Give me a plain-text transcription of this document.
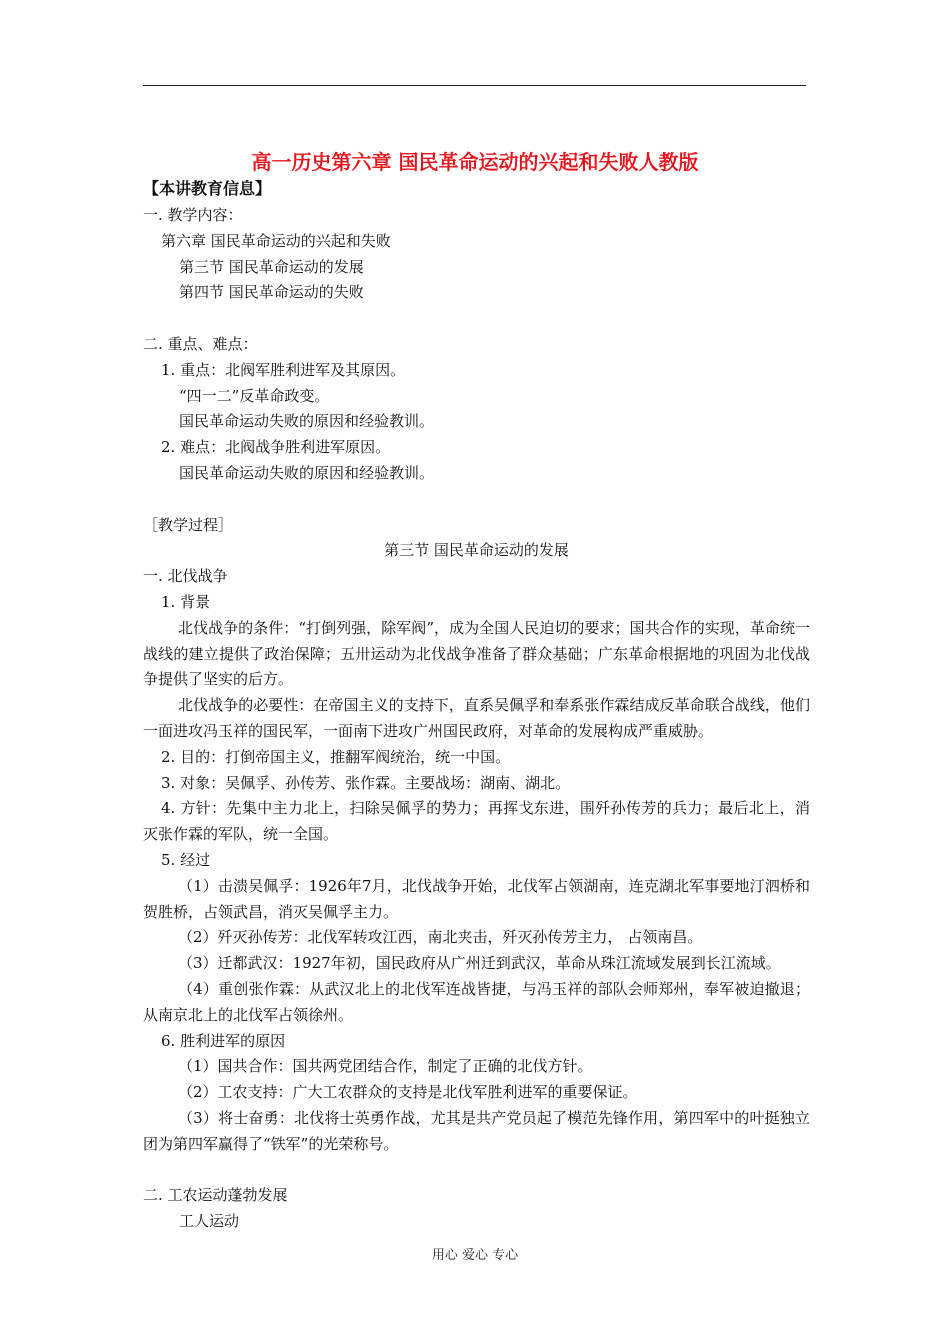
高一历史第六章 国民革命运动的兴起和失败人教版
【本讲教育信息】

一. 教学内容：

第六章 国民革命运动的兴起和失败

第三节 国民革命运动的发展

第四节 国民革命运动的失败

二. 重点、难点：

1. 重点：北阀军胜利进军及其原因。

“四一二”反革命政变。

国民革命运动失败的原因和经验教训。

2. 难点：北阀战争胜利进军原因。

国民革命运动失败的原因和经验教训。

［教学过程］

第三节 国民革命运动的发展

一. 北伐战争

1. 背景

北伐战争的条件：“打倒列强，除军阀”，成为全国人民迫切的要求；国共合作的实现，革命统一战线的建立提供了政治保障；五卅运动为北伐战争准备了群众基础；广东革命根据地的巩固为北伐战争提供了坚实的后方。

北伐战争的必要性：在帝国主义的支持下，直系吴佩孚和奉系张作霖结成反革命联合战线，他们一面进攻冯玉祥的国民军，一面南下进攻广州国民政府，对革命的发展构成严重威胁。

2. 目的：打倒帝国主义，推翻军阀统治，统一中国。

3. 对象：吴佩孚、孙传芳、张作霖。主要战场：湖南、湖北。

4. 方针：先集中主力北上，扫除吴佩孚的势力；再挥戈东进，围歼孙传芳的兵力；最后北上，消灭张作霖的军队，统一全国。

5. 经过

（1）击溃吴佩孚：1926年7月，北伐战争开始，北伐军占领湖南，连克湖北军事要地汀泗桥和贺胜桥，占领武昌，消灭吴佩孚主力。

（2）歼灭孙传芳：北伐军转攻江西，南北夹击，歼灭孙传芳主力， 占领南昌。

（3）迁都武汉：1927年初，国民政府从广州迁到武汉，革命从珠江流域发展到长江流域。

（4）重创张作霖：从武汉北上的北伐军连战皆捷，与冯玉祥的部队会师郑州，奉军被迫撤退；从南京北上的北伐军占领徐州。

6. 胜利进军的原因

（1）国共合作：国共两党团结合作，制定了正确的北伐方针。

（2）工农支持：广大工农群众的支持是北伐军胜利进军的重要保证。

（3）将士奋勇：北伐将士英勇作战，尤其是共产党员起了模范先锋作用，第四军中的叶挺独立团为第四军赢得了“铁军”的光荣称号。

二. 工农运动蓬勃发展

工人运动

用心 爱心 专心
